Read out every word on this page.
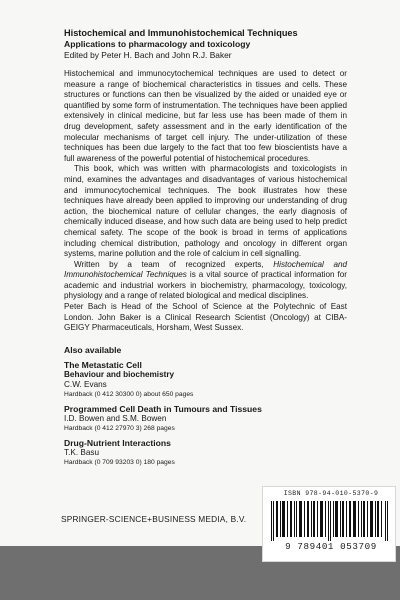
Histochemical and Immunohistochemical Techniques
Applications to pharmacology and toxicology
Edited by Peter H. Bach and John R.J. Baker

Histochemical and immunocytochemical techniques are used to detect or measure a range of biochemical characteristics in tissues and cells. These structures or functions can then be visualized by the aided or unaided eye or quantified by some form of instrumentation. The techniques have been applied extensively in clinical medicine, but far less use has been made of them in drug development, safety assessment and in the early identification of the molecular mechanisms of target cell injury. The under-utilization of these techniques has been due largely to the fact that too few bioscientists have a full awareness of the powerful potential of histochemical procedures.

This book, which was written with pharmacologists and toxicologists in mind, examines the advantages and disadvantages of various histochemical and immunocytochemical techniques. The book illustrates how these techniques have already been applied to improving our understanding of drug action, the biochemical nature of cellular changes, the early diagnosis of chemically induced disease, and how such data are being used to help predict chemical safety. The scope of the book is broad in terms of applications including chemical distribution, pathology and oncology in different organ systems, marine pollution and the role of calcium in cell signalling.

Written by a team of recognized experts, Histochemical and Immunohistochemical Techniques is a vital source of practical information for academic and industrial workers in biochemistry, pharmacology, toxicology, physiology and a range of related biological and medical disciplines.

Peter Bach is Head of the School of Science at the Polytechnic of East London. John Baker is a Clinical Research Scientist (Oncology) at CIBA-GEIGY Pharmaceuticals, Horsham, West Sussex.

Also available
The Metastatic Cell
Behaviour and biochemistry
C.W. Evans
Hardback (0 412 30300 0) about 650 pages
Programmed Cell Death in Tumours and Tissues
I.D. Bowen and S.M. Bowen
Hardback (0 412 27970 3) 268 pages
Drug-Nutrient Interactions
T.K. Basu
Hardback (0 709 93203 0) 180 pages
SPRINGER-SCIENCE+BUSINESS MEDIA, B.V.
ISBN 978-94-010-5370-9
9 789401 053709
